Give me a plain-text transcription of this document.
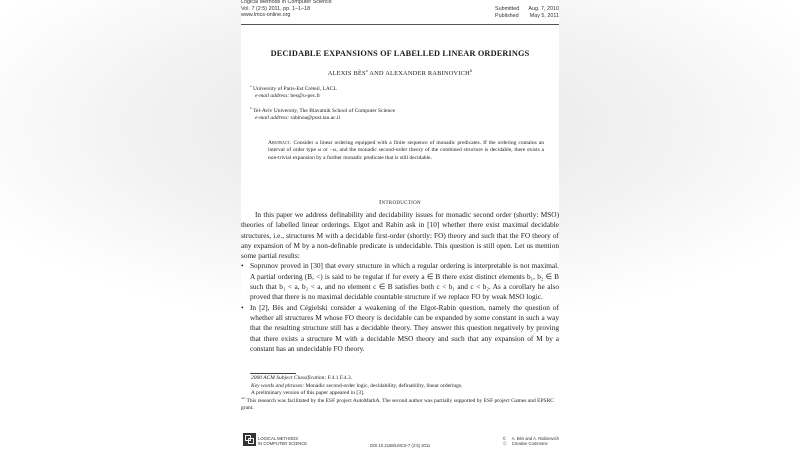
Logical Methods in Computer Science
Vol. 7 (2:5) 2011, pp. 1–1–18
www.lmcs-online.org
Submitted Aug. 7, 2010
Published May 5, 2011
DECIDABLE EXPANSIONS OF LABELLED LINEAR ORDERINGS
ALEXIS BÈS$^a$ AND ALEXANDER RABINOVICH$^b$
$^a$ University of Paris-Est Créteil, LACL
e-mail address: bes@u-pec.fr
$^b$ Tel-Aviv University, The Blavatnik School of Computer Science
e-mail address: rabinoa@post.tau.ac.il
Abstract. Consider a linear ordering equipped with a finite sequence of monadic predicates. If the ordering contains an interval of order type ω or −ω, and the monadic second-order theory of the combined structure is decidable, there exists a non-trivial expansion by a further monadic predicate that is still decidable.
Introduction

In this paper we address definability and decidability issues for monadic second order (shortly: MSO) theories of labelled linear orderings. Elgot and Rabin ask in [10] whether there exist maximal decidable structures, i.e., structures M with a decidable first-order (shortly: FO) theory and such that the FO theory of any expansion of M by a non-definable predicate is undecidable. This question is still open. Let us mention some partial results:

• Soprunov proved in [30] that every structure in which a regular ordering is interpretable is not maximal. A partial ordering (B, <) is said to be regular if for every a ∈ B there exist distinct elements b₁, b₂ ∈ B such that b₁ < a, b₂ < a, and no element c ∈ B satisfies both c < b₁ and c < b₂. As a corollary he also proved that there is no maximal decidable countable structure if we replace FO by weak MSO logic.
• In [2], Bès and Cégielski consider a weakening of the Elgot-Rabin question, namely the question of whether all structures M whose FO theory is decidable can be expanded by some constant in such a way that the resulting structure still has a decidable theory. They answer this question negatively by proving that there exists a structure M with a decidable MSO theory and such that any expansion of M by a constant has an undecidable FO theory.
2000 ACM Subject Classification: F.4.1 F.4.3.
Key words and phrases: Monadic second-order logic, decidability, definability, linear orderings.
A preliminary version of this paper appeared in [3].
$^{a,b}$ This research was facilitated by the ESF project AutoMathA. The second author was partially supported by ESF project Games and EPSRC grant.
LOGICAL METHODS
IN COMPUTER SCIENCE	DOI:10.2168/LMCS-7 (2:5) 2011
© A. Bès and A. Rabinovich
Ⓒ Creative Commons
